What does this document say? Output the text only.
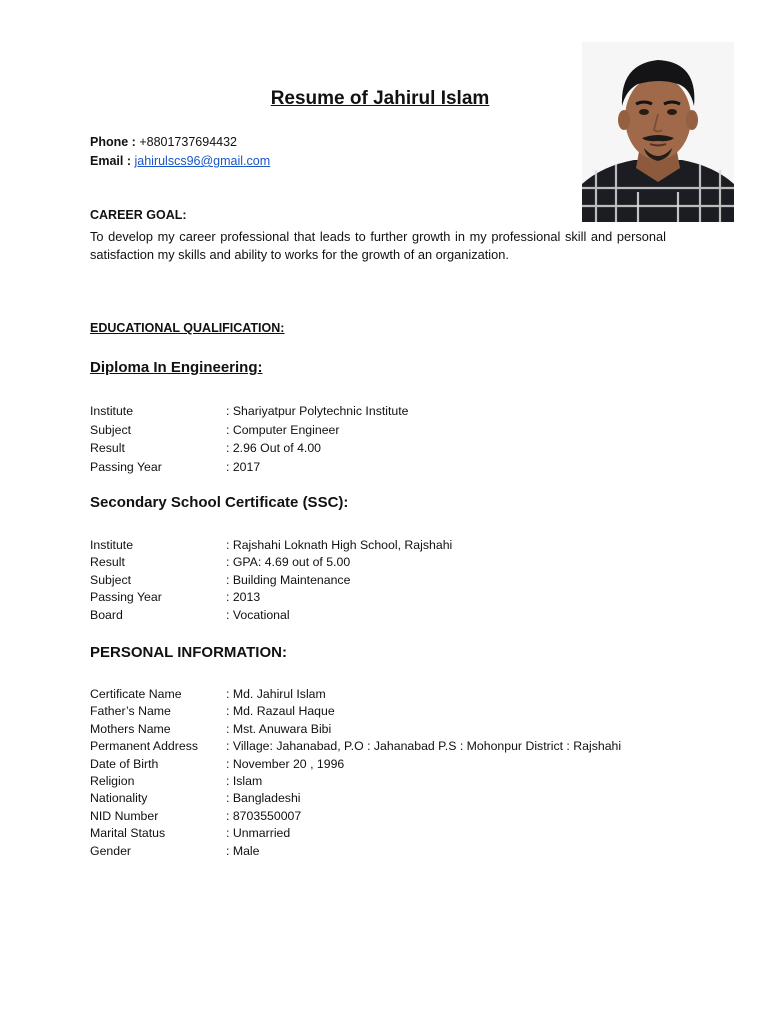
Resume of Jahirul Islam
Phone : +8801737694432
Email : jahirulscs96@gmail.com
CAREER GOAL:
To develop my career professional that leads to further growth in my professional skill and personal satisfaction my skills and ability to works for the growth of an organization.
EDUCATIONAL QUALIFICATION:
Diploma In Engineering:
Institute	: Shariyatpur Polytechnic Institute
Subject	: Computer Engineer
Result	: 2.96 Out of 4.00
Passing Year	: 2017
Secondary School Certificate (SSC):
Institute	: Rajshahi Loknath High School, Rajshahi
Result	: GPA: 4.69 out of 5.00
Subject	: Building Maintenance
Passing Year	: 2013
Board	: Vocational
PERSONAL INFORMATION:
Certificate Name	: Md. Jahirul Islam
Father’s Name	: Md. Razaul Haque
Mothers Name	: Mst. Anuwara Bibi
Permanent Address	: Village: Jahanabad, P.O : Jahanabad P.S : Mohonpur District : Rajshahi
Date of Birth	: November 20 , 1996
Religion	: Islam
Nationality	: Bangladeshi
NID Number	: 8703550007
Marital Status	: Unmarried
Gender	: Male
